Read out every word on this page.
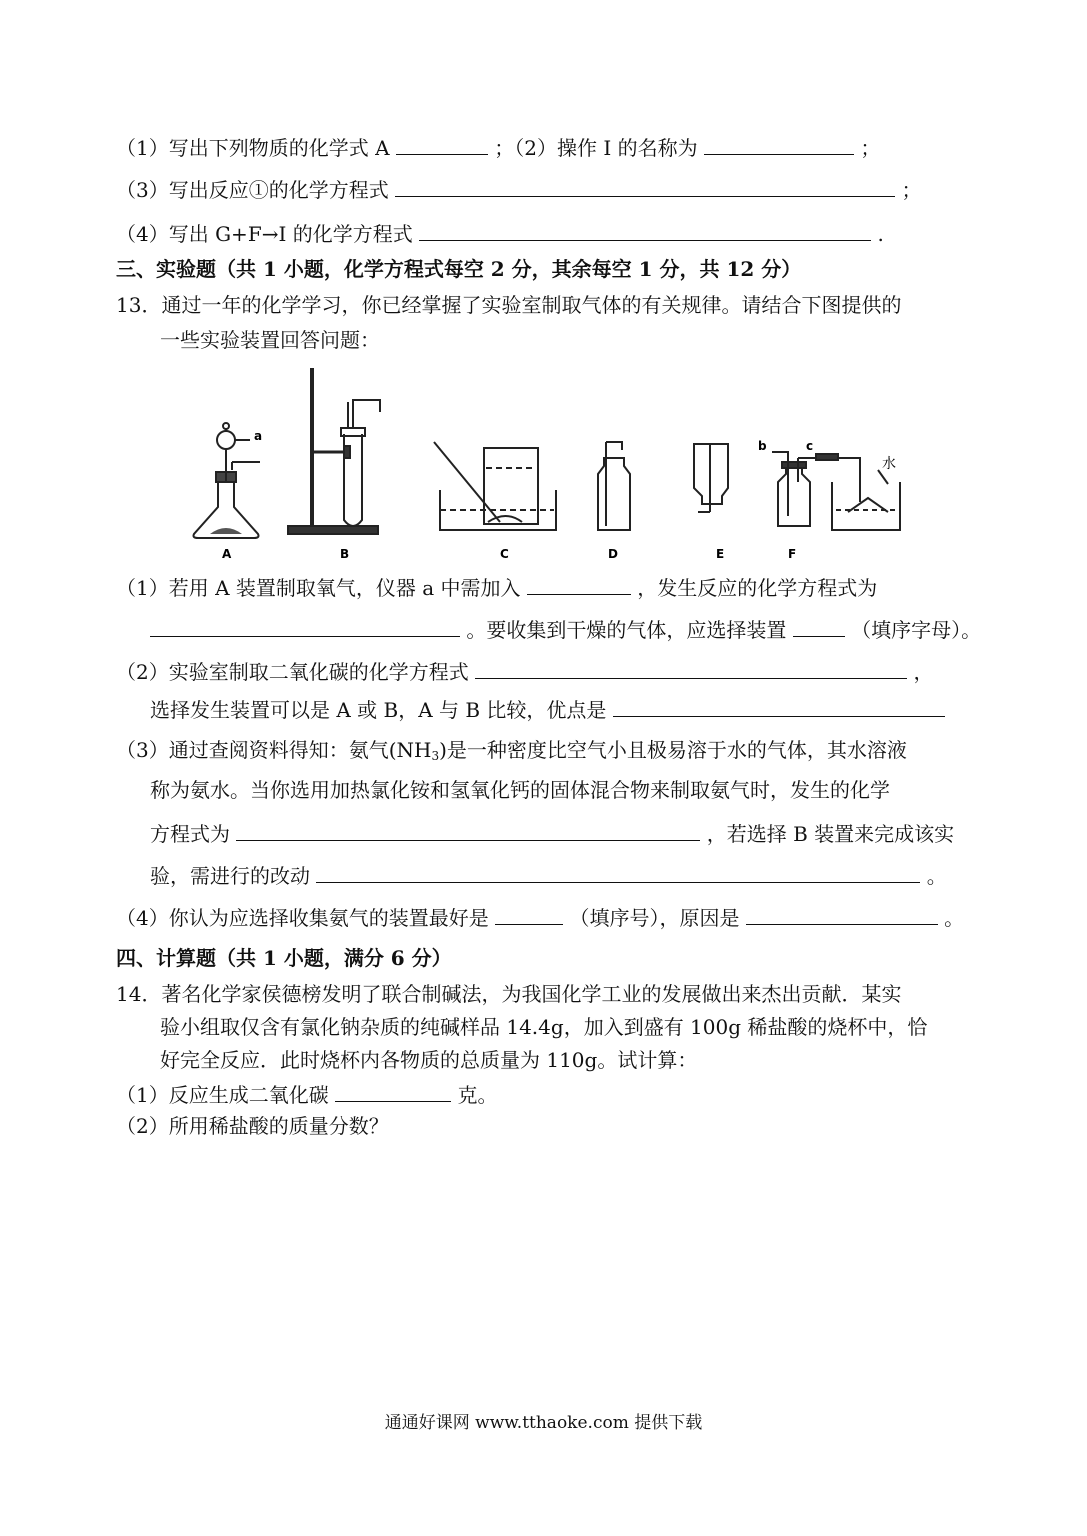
（1）写出下列物质的化学式 A	；（2）操作 I 的名称为	；
（3）写出反应①的化学方程式	；
（4）写出 G+F→I 的化学方程式	.
三、实验题（共 1 小题，化学方程式每空 2 分，其余每空 1 分，共 12 分）
13．通过一年的化学学习，你已经掌握了实验室制取气体的有关规律。请结合下图提供的
一些实验装置回答问题：
a
b	c
水
A	B	C	D	E	F
（1）若用 A 装置制取氧气，仪器 a 中需加入	，发生反应的化学方程式为
。要收集到干燥的气体，应选择装置	（填序字母）。
（2）实验室制取二氧化碳的化学方程式	，
选择发生装置可以是 A 或 B，A 与 B 比较，优点是
（3）通过查阅资料得知：氨气$(NH_3)$是一种密度比空气小且极易溶于水的气体，其水溶液
称为氨水。当你选用加热氯化铵和氢氧化钙的固体混合物来制取氨气时，发生的化学
方程式为	，若选择 B 装置来完成该实
验，需进行的改动	。
（4）你认为应选择收集氨气的装置最好是	（填序号），原因是	。
四、计算题（共 1 小题，满分 6 分）
14．著名化学家侯德榜发明了联合制碱法，为我国化学工业的发展做出来杰出贡献．某实
验小组取仅含有氯化钠杂质的纯碱样品 14.4g，加入到盛有 100g 稀盐酸的烧杯中，恰
好完全反应．此时烧杯内各物质的总质量为 110g。试计算：
（1）反应生成二氧化碳	克。
（2）所用稀盐酸的质量分数？
通通好课网 www.tthaoke.com 提供下载
